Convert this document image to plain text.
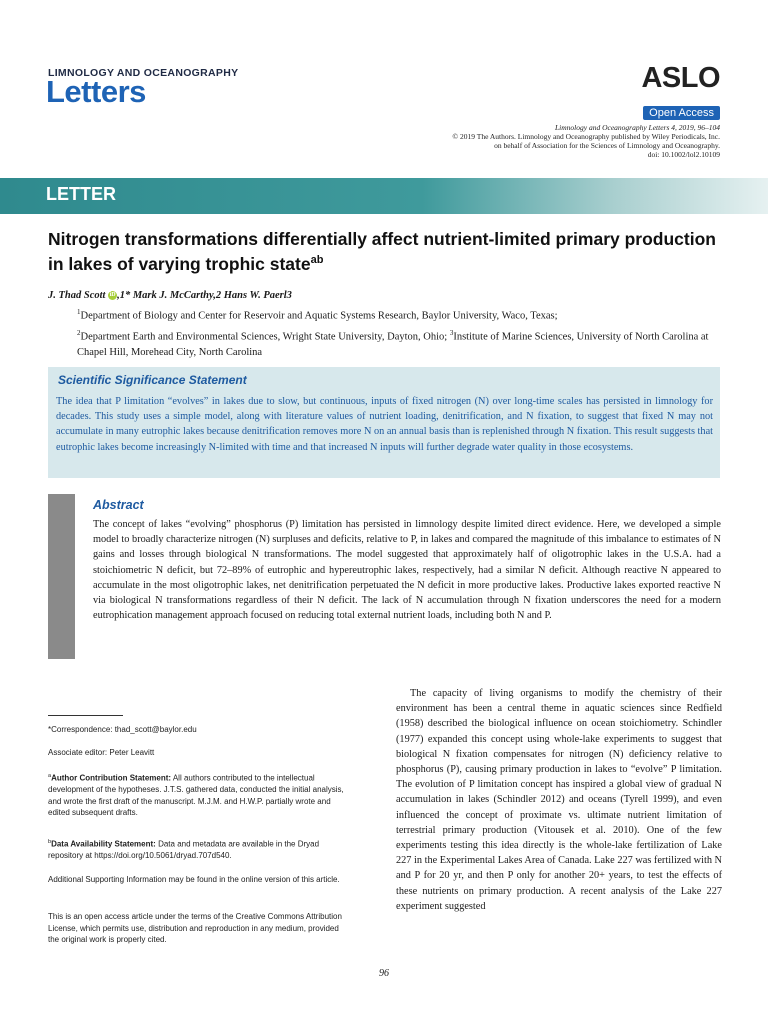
LIMNOLOGY AND OCEANOGRAPHY
Letters	ASLO
Open Access
Limnology and Oceanography Letters 4, 2019, 96–104
© 2019 The Authors. Limnology and Oceanography published by Wiley Periodicals, Inc.
on behalf of Association for the Sciences of Limnology and Oceanography.
doi: 10.1002/lol2.10109
LETTER
Nitrogen transformations differentially affect nutrient-limited primary production in lakes of varying trophic state$^{ab}$
J. Thad Scott iD ,1* Mark J. McCarthy,2 Hans W. Paerl3
$^1$Department of Biology and Center for Reservoir and Aquatic Systems Research, Baylor University, Waco, Texas;
$^2$Department Earth and Environmental Sciences, Wright State University, Dayton, Ohio; $^3$Institute of Marine Sciences, University of North Carolina at Chapel Hill, Morehead City, North Carolina
Scientific Significance Statement
The idea that P limitation “evolves” in lakes due to slow, but continuous, inputs of fixed nitrogen (N) over long-time scales has persisted in limnology for decades. This study uses a simple model, along with literature values of nutrient loading, denitrification, and N fixation, to suggest that fixed N may not accumulate in many eutrophic lakes because denitrification removes more N on an annual basis than is replenished through N fixation. This result suggests that eutrophic lakes become increasingly N-limited with time and that increased N inputs will further degrade water quality in those ecosystems.
Abstract
The concept of lakes “evolving” phosphorus (P) limitation has persisted in limnology despite limited direct evidence. Here, we developed a simple model to broadly characterize nitrogen (N) surpluses and deficits, relative to P, in lakes and compared the magnitude of this imbalance to estimates of N gains and losses through biological N transformations. The model suggested that approximately half of oligotrophic lakes in the U.S.A. had a stoichiometric N deficit, but 72–89% of eutrophic and hypereutrophic lakes, respectively, had a similar N deficit. Although reactive N appeared to accumulate in the most oligotrophic lakes, net denitrification perpetuated the N deficit in more productive lakes. Productive lakes exported reactive N via biological N transformations regardless of their N deficit. The lack of N accumulation through N fixation underscores the need for a modern eutrophication management approach focused on reducing total external nutrient loads, including both N and P.
*Correspondence: thad_scott@baylor.edu
Associate editor: Peter Leavitt
$^a$Author Contribution Statement: All authors contributed to the intellectual development of the hypotheses. J.T.S. gathered data, conducted the initial analysis, and wrote the first draft of the manuscript. M.J.M. and H.W.P. partially wrote and edited subsequent drafts.
$^b$Data Availability Statement: Data and metadata are available in the Dryad repository at https://doi.org/10.5061/dryad.707d540.
Additional Supporting Information may be found in the online version of this article.
This is an open access article under the terms of the Creative Commons Attribution License, which permits use, distribution and reproduction in any medium, provided the original work is properly cited.
The capacity of living organisms to modify the chemistry of their environment has been a central theme in aquatic sciences since Redfield (1958) described the biological influence on ocean stoichiometry. Schindler (1977) expanded this concept using whole-lake experiments to suggest that biological N fixation compensates for nitrogen (N) deficiency relative to phosphorus (P), causing primary production in lakes to “evolve” P limitation. The evolution of P limitation concept has inspired a global view of gradual N accumulation in lakes (Schindler 2012) and oceans (Tyrell 1999), and even influenced the concept of proximate vs. ultimate nutrient limitation of terrestrial primary production (Vitousek et al. 2010). One of the few experiments testing this idea directly is the whole-lake fertilization of Lake 227 in the Experimental Lakes Area of Canada. Lake 227 was fertilized with N and P for 20 yr, and then P only for another 20+ years, to test the effects of these nutrients on primary production. A recent analysis of the Lake 227 experiment suggested
96
